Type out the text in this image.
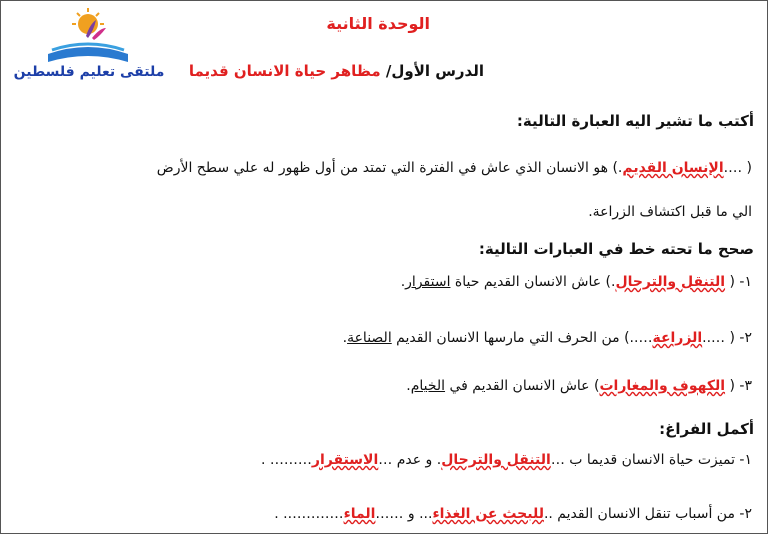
ملتقى تعليم فلسطين
الوحدة الثانية
الدرس الأول/ مظاهر حياة الانسان قديما
أكتب ما تشير اليه العبارة التالية:
( ….الإنسان القديم.) هو الانسان الذي عاش في الفترة التي تمتد من أول ظهور له علي سطح الأرض
الي ما قبل اكتشاف الزراعة.
صحح ما تحته خط في العبارات التالية:
١- ( التنقل والترحال.) عاش الانسان القديم حياة استقرار.
٢- ( …..الزراعة…..) من الحرف التي مارسها الانسان القديم الصناعة.
٣- ( الكهوف والمغارات) عاش الانسان القديم في الخيام.
أكمل الفراغ:
١- تميزت حياة الانسان قديما ب …التنقل والترحال. و عدم …الاستقرار……… .
٢- من أسباب تنقل الانسان القديم ..للبحث عن الغذاء... و ……الماء…………. .
